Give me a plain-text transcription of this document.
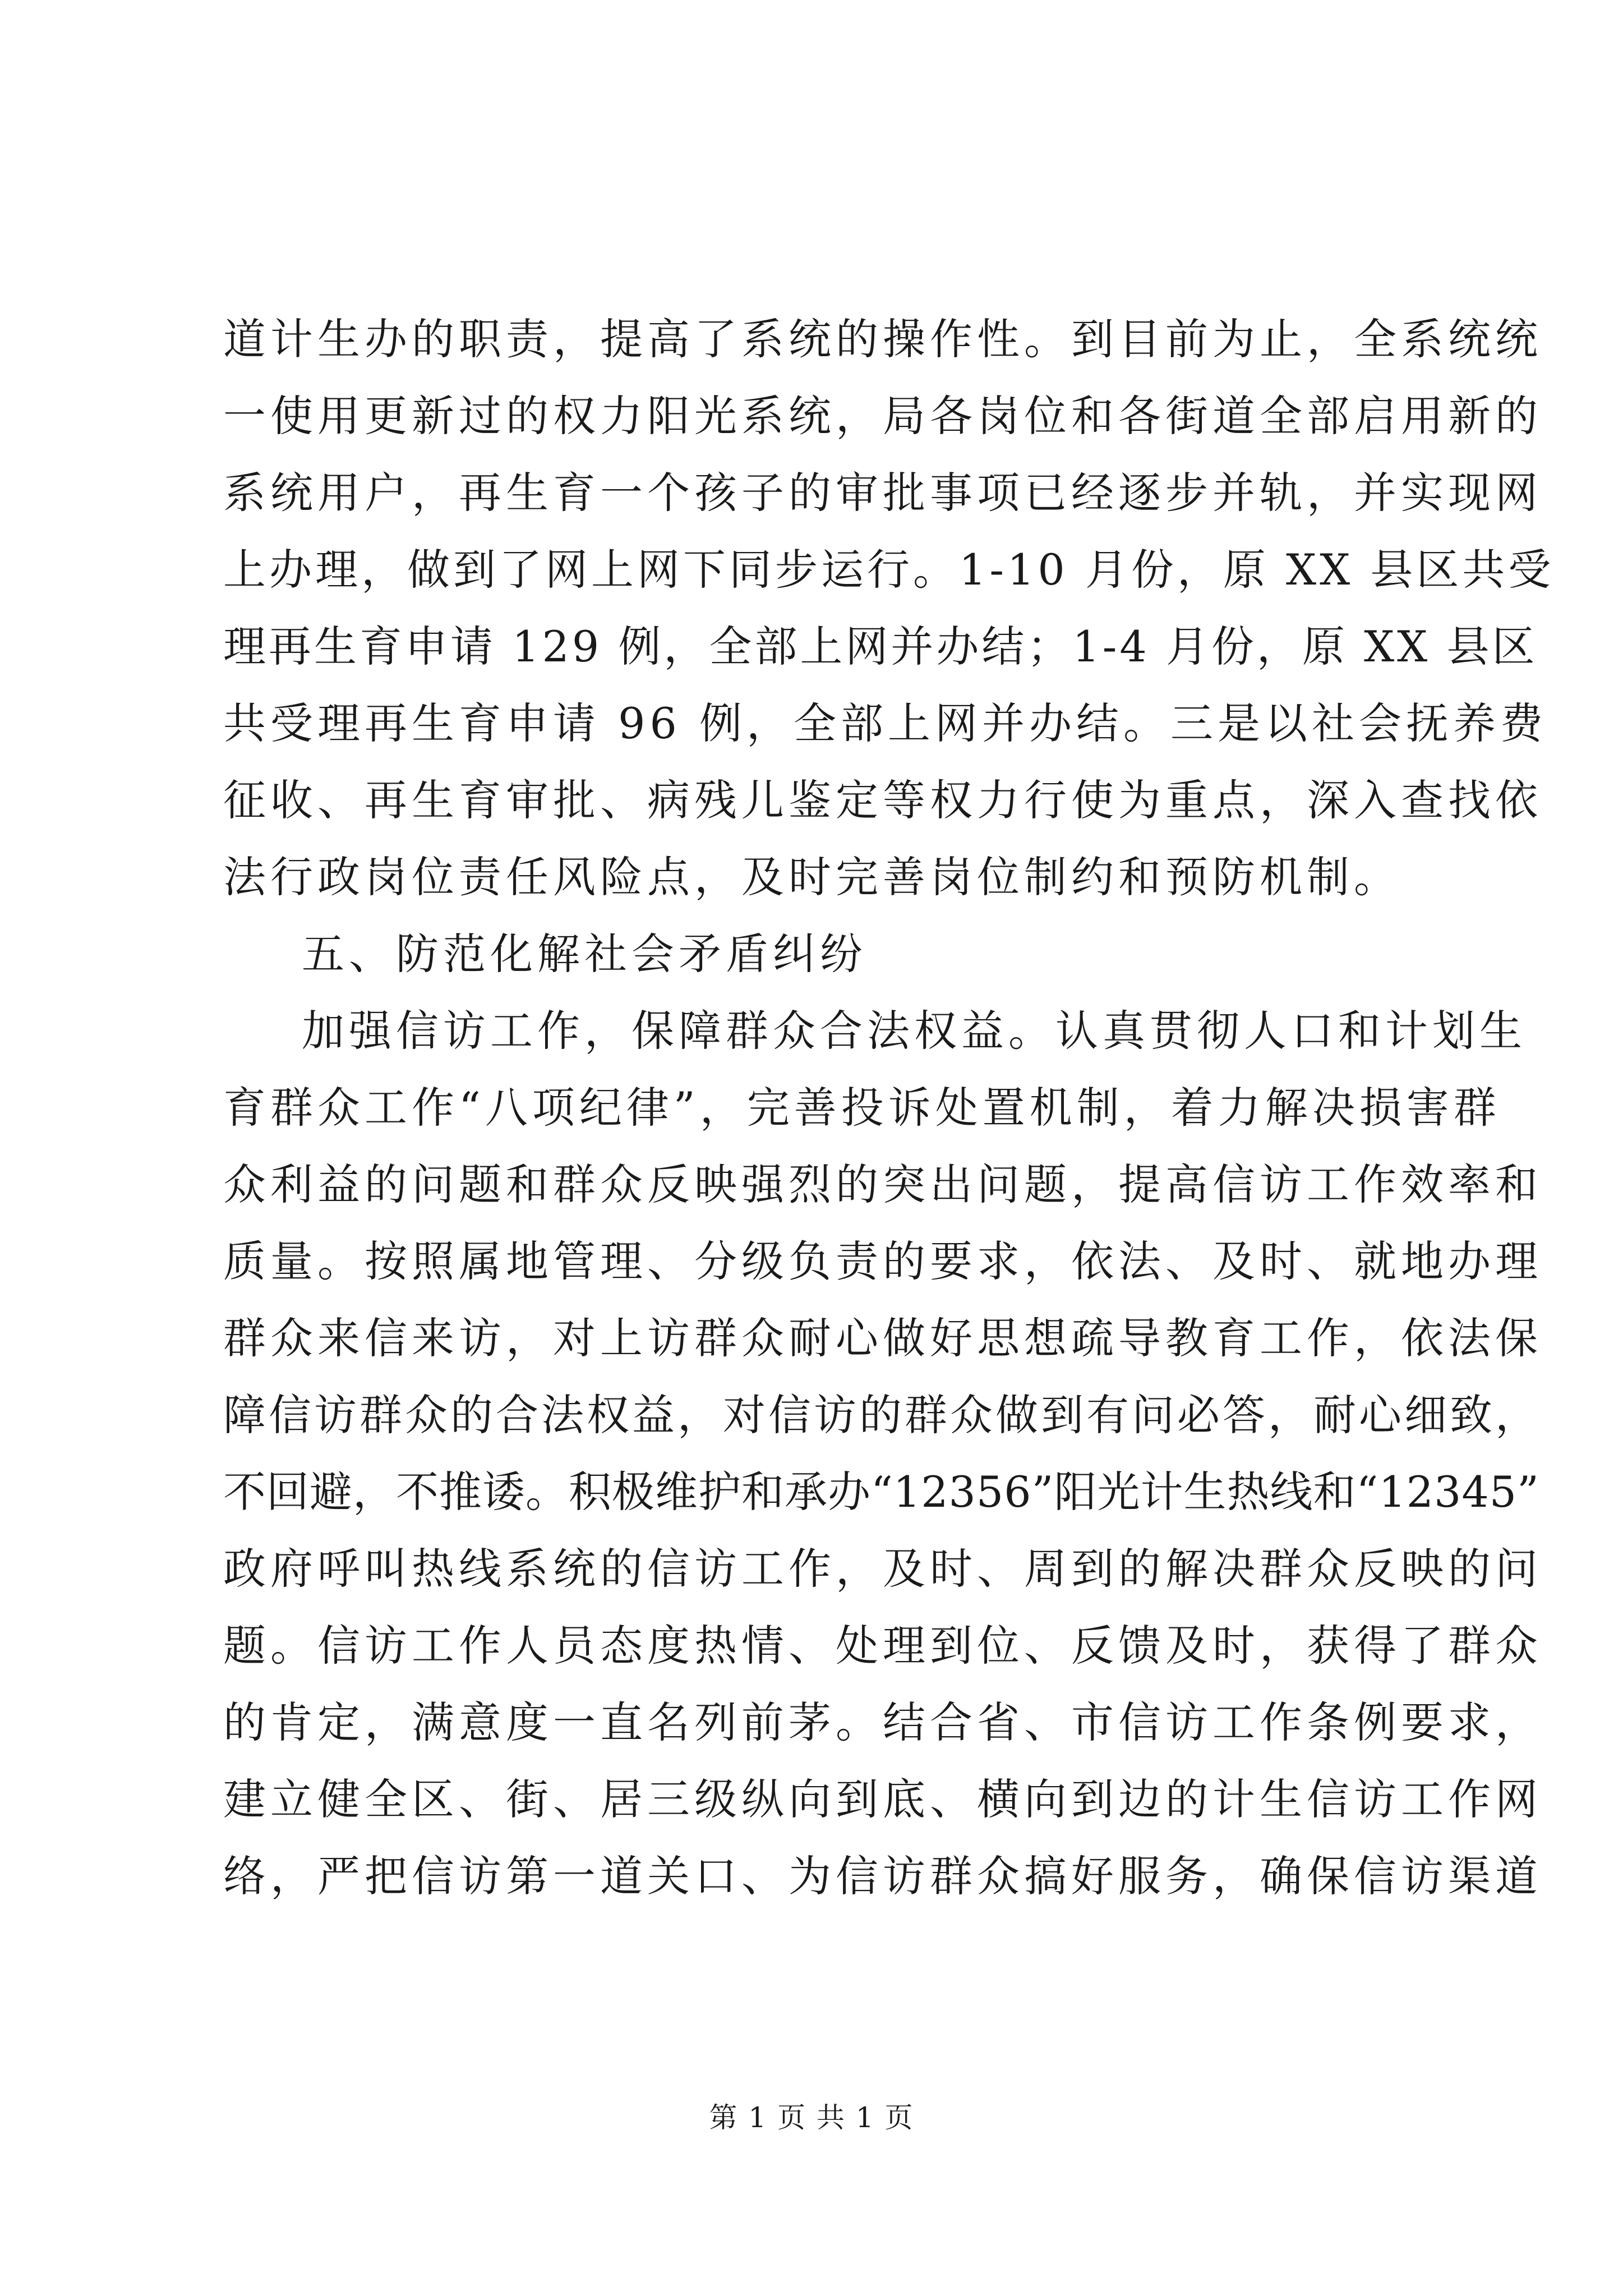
道计生办的职责，提高了系统的操作性。到目前为止，全系统统
一使用更新过的权力阳光系统，局各岗位和各街道全部启用新的
系统用户，再生育一个孩子的审批事项已经逐步并轨，并实现网
上办理，做到了网上网下同步运行。1-10 月份，原 XX 县区共受
理再生育申请 129 例，全部上网并办结；1-4 月份，原 XX 县区
共受理再生育申请 96 例，全部上网并办结。三是以社会抚养费
征收、再生育审批、病残儿鉴定等权力行使为重点，深入查找依
法行政岗位责任风险点，及时完善岗位制约和预防机制。
五、防范化解社会矛盾纠纷
加强信访工作，保障群众合法权益。认真贯彻人口和计划生
育群众工作“八项纪律”，完善投诉处置机制，着力解决损害群
众利益的问题和群众反映强烈的突出问题，提高信访工作效率和
质量。按照属地管理、分级负责的要求，依法、及时、就地办理
群众来信来访，对上访群众耐心做好思想疏导教育工作，依法保
障信访群众的合法权益，对信访的群众做到有问必答，耐心细致，
不回避，不推诿。积极维护和承办“12356”阳光计生热线和“12345”
政府呼叫热线系统的信访工作，及时、周到的解决群众反映的问
题。信访工作人员态度热情、处理到位、反馈及时，获得了群众
的肯定，满意度一直名列前茅。结合省、市信访工作条例要求，
建立健全区、街、居三级纵向到底、横向到边的计生信访工作网
络，严把信访第一道关口、为信访群众搞好服务，确保信访渠道
第 1 页 共 1 页
